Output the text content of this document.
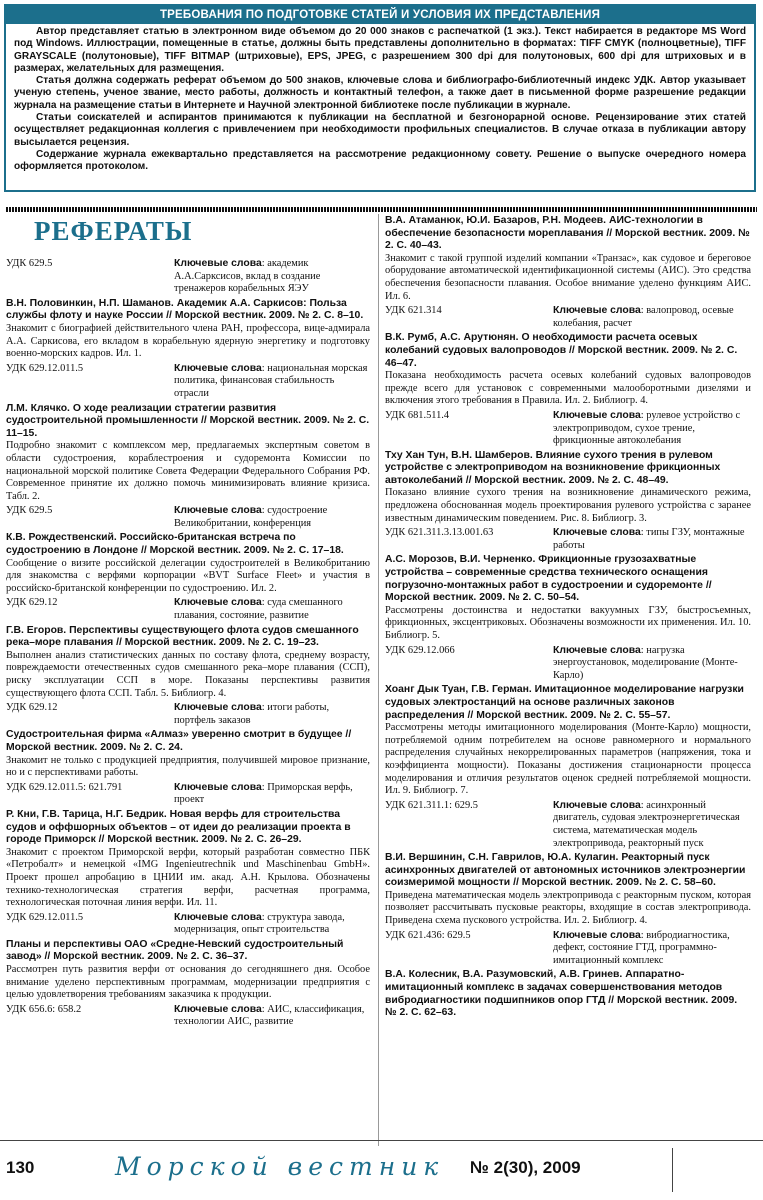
ТРЕБОВАНИЯ ПО ПОДГОТОВКЕ СТАТЕЙ И УСЛОВИЯ ИХ ПРЕДСТАВЛЕНИЯ

Автор представляет статью в электронном виде объемом до 20 000 знаков с распечаткой (1 экз.). Текст набирается в редакторе MS Word под Windows. Иллюстрации, помещенные в статье, должны быть представлены дополнительно в форматах: TIFF CMYK (полноцветные), TIFF GRAYSCALE (полутоновые), TIFF BITMAP (штриховые), EPS, JPEG, с разрешением 300 dpi для полутоновых, 600 dpi для штриховых и в размерах, желательных для размещения.

Статья должна содержать реферат объемом до 500 знаков, ключевые слова и библиографо-библиотечный индекс УДК. Автор указывает ученую степень, ученое звание, место работы, должность и контактный телефон, а также дает в письменной форме разрешение редакции журнала на размещение статьи в Интернете и Научной электронной библиотеке после публикации в журнале.

Статьи соискателей и аспирантов принимаются к публикации на бесплатной и безгонорарной основе. Рецензирование этих статей осуществляет редакционная коллегия с привлечением при необходимости профильных специалистов. В случае отказа в публикации автору высылается рецензия.

Содержание журнала ежеквартально представляется на рассмотрение редакционному совету. Решение о выпуске очередного номера оформляется протоколом.

РЕФЕРАТЫ
УДК 629.5	Ключевые слова: академик А.А.Сарксисов, вклад в создание тренажеров корабельных ЯЭУ
В.Н. Половинкин, Н.П. Шаманов. Академик А.А. Саркисов: Польза службы флоту и науке России // Морской вестник. 2009. № 2. С. 8–10.
Знакомит с биографией действительного члена РАН, профессора, вице-адмирала А.А. Саркисова, его вкладом в корабельную ядерную энергетику и подготовку военно-морских кадров. Ил. 1.
УДК 629.12.011.5	Ключевые слова: национальная морская политика, финансовая стабильность отрасли
Л.М. Клячко. О ходе реализации стратегии развития судостроительной промышленности // Морской вестник. 2009. № 2. С. 11–15.
Подробно знакомит с комплексом мер, предлагаемых экспертным советом в области судостроения, кораблестроения и судоремонта Комиссии по национальной морской политике Совета Федерации Федерального Собрания РФ. Современное принятие их должно помочь минимизировать влияние кризиса. Табл. 2.
УДК 629.5	Ключевые слова: судостроение Великобритании, конференция
К.В. Рождественский. Российско-британская встреча по судостроению в Лондоне // Морской вестник. 2009. № 2. С. 17–18.
Сообщение о визите российской делегации судостроителей в Великобританию для знакомства с верфями корпорации «BVT Surface Fleet» и участия в российско-британской конференции по судостроению. Ил. 2.
УДК 629.12	Ключевые слова: суда смешанного плавания, состояние, развитие
Г.В. Егоров. Перспективы существующего флота судов смешанного река–море плавания // Морской вестник. 2009. № 2. С. 19–23.
Выполнен анализ статистических данных по составу флота, среднему возрасту, повреждаемости отечественных судов смешанного река–море плавания (ССП), риску эксплуатации ССП в море. Показаны перспективы развития существующего флота ССП. Табл. 5. Библиогр. 4.
УДК 629.12	Ключевые слова: итоги работы, портфель заказов
Судостроительная фирма «Алмаз» уверенно смотрит в будущее // Морской вестник. 2009. № 2. С. 24.
Знакомит не только с продукцией предприятия, получившей мировое признание, но и с перспективами работы.
УДК 629.12.011.5: 621.791	Ключевые слова: Приморская верфь, проект
Р. Кни, Г.В. Тарица, Н.Г. Бедрик. Новая верфь для строительства судов и оффшорных объектов – от идеи до реализации проекта в городе Приморск // Морской вестник. 2009. № 2. С. 26–29.
Знакомит с проектом Приморской верфи, который разработан совместно ПБК «Петробалт» и немецкой «IMG Ingenieutrechnik und Maschinenbau GmbH». Проект прошел апробацию в ЦНИИ им. акад. А.Н. Крылова. Обозначены технико-технологическая стратегия верфи, расчетная программа, технологическая поточная линия верфи. Ил. 11.
УДК 629.12.011.5	Ключевые слова: структура завода, модернизация, опыт строительства
Планы и перспективы ОАО «Средне-Невский судостроительный завод» // Морской вестник. 2009. № 2. С. 36–37.
Рассмотрен путь развития верфи от основания до сегодняшнего дня. Особое внимание уделено перспективным программам, модернизации предприятия с целью удовлетворения требованиям заказчика к продукции.
УДК 656.6: 658.2	Ключевые слова: АИС, классификация, технологии АИС, развитие
В.А. Атаманюк, Ю.И. Базаров, Р.Н. Модеев. АИС-технологии в обеспечение безопасности мореплавания // Морской вестник. 2009. № 2. С. 40–43.
Знакомит с такой группой изделий компании «Транзас», как судовое и береговое оборудование автоматической идентификационной системы (АИС). Это средства обеспечения безопасности плавания. Особое внимание уделено функциям АИС. Ил. 6.
УДК 621.314	Ключевые слова: валопровод, осевые колебания, расчет
В.К. Румб, А.С. Арутюнян. О необходимости расчета осевых колебаний судовых валопроводов // Морской вестник. 2009. № 2. С. 46–47.
Показана необходимость расчета осевых колебаний судовых валопроводов прежде всего для установок с современными малооборотными дизелями и включения этого требования в Правила. Ил. 2. Библиогр. 4.
УДК 681.511.4	Ключевые слова: рулевое устройство с электроприводом, сухое трение, фрикционные автоколебания
Тху Хан Тун, В.Н. Шамберов. Влияние сухого трения в рулевом устройстве с электроприводом на возникновение фрикционных автоколебаний // Морской вестник. 2009. № 2. С. 48–49.
Показано влияние сухого трения на возникновение динамического режима, предложена обоснованная модель проектирования рулевого устройства с заранее известным динамическим поведением. Рис. 8. Библиогр. 3.
УДК 621.311.3.13.001.63	Ключевые слова: типы ГЗУ, монтажные работы
А.С. Морозов, В.И. Черненко. Фрикционные грузозахватные устройства – современные средства технического оснащения погрузочно-монтажных работ в судостроении и судоремонте // Морской вестник. 2009. № 2. С. 50–54.
Рассмотрены достоинства и недостатки вакуумных ГЗУ, быстросъемных, фрикционных, эксцентриковых. Обозначены возможности их применения. Ил. 10. Библиогр. 5.
УДК 629.12.066	Ключевые слова: нагрузка энергоустановок, моделирование (Монте-Карло)
Хоанг Дык Туан, Г.В. Герман. Имитационное моделирование нагрузки судовых электростанций на основе различных законов распределения // Морской вестник. 2009. № 2. С. 55–57.
Рассмотрены методы имитационного моделирования (Монте-Карло) мощности, потребляемой одним потребителем на основе равномерного и нормального распределения случайных некоррелированных параметров (напряжения, тока и коэффициента мощности). Показаны достижения стационарности процесса моделирования и отличия результатов оценок средней потребляемой мощности. Ил. 9. Библиогр. 7.
УДК 621.311.1: 629.5	Ключевые слова: асинхронный двигатель, судовая электроэнергетическая система, математическая модель электропривода, реакторный пуск
В.И. Вершинин, С.Н. Гаврилов, Ю.А. Кулагин. Реакторный пуск асинхронных двигателей от автономных источников электроэнергии соизмеримой мощности // Морской вестник. 2009. № 2. С. 58–60.
Приведена математическая модель электропривода с реакторным пуском, которая позволяет рассчитывать пусковые реакторы, входящие в состав электропривода. Приведена схема пускового устройства. Ил. 2. Библиогр. 4.
УДК 621.436: 629.5	Ключевые слова: вибродиагностика, дефект, состояние ГТД, программно-имитационный комплекс
В.А. Колесник, В.А. Разумовский, А.В. Гринев. Аппаратно-имитационный комплекс в задачах совершенствования методов вибродиагностики подшипников опор ГТД // Морской вестник. 2009. № 2. С. 62–63.
130	Морской вестник № 2(30), 2009
